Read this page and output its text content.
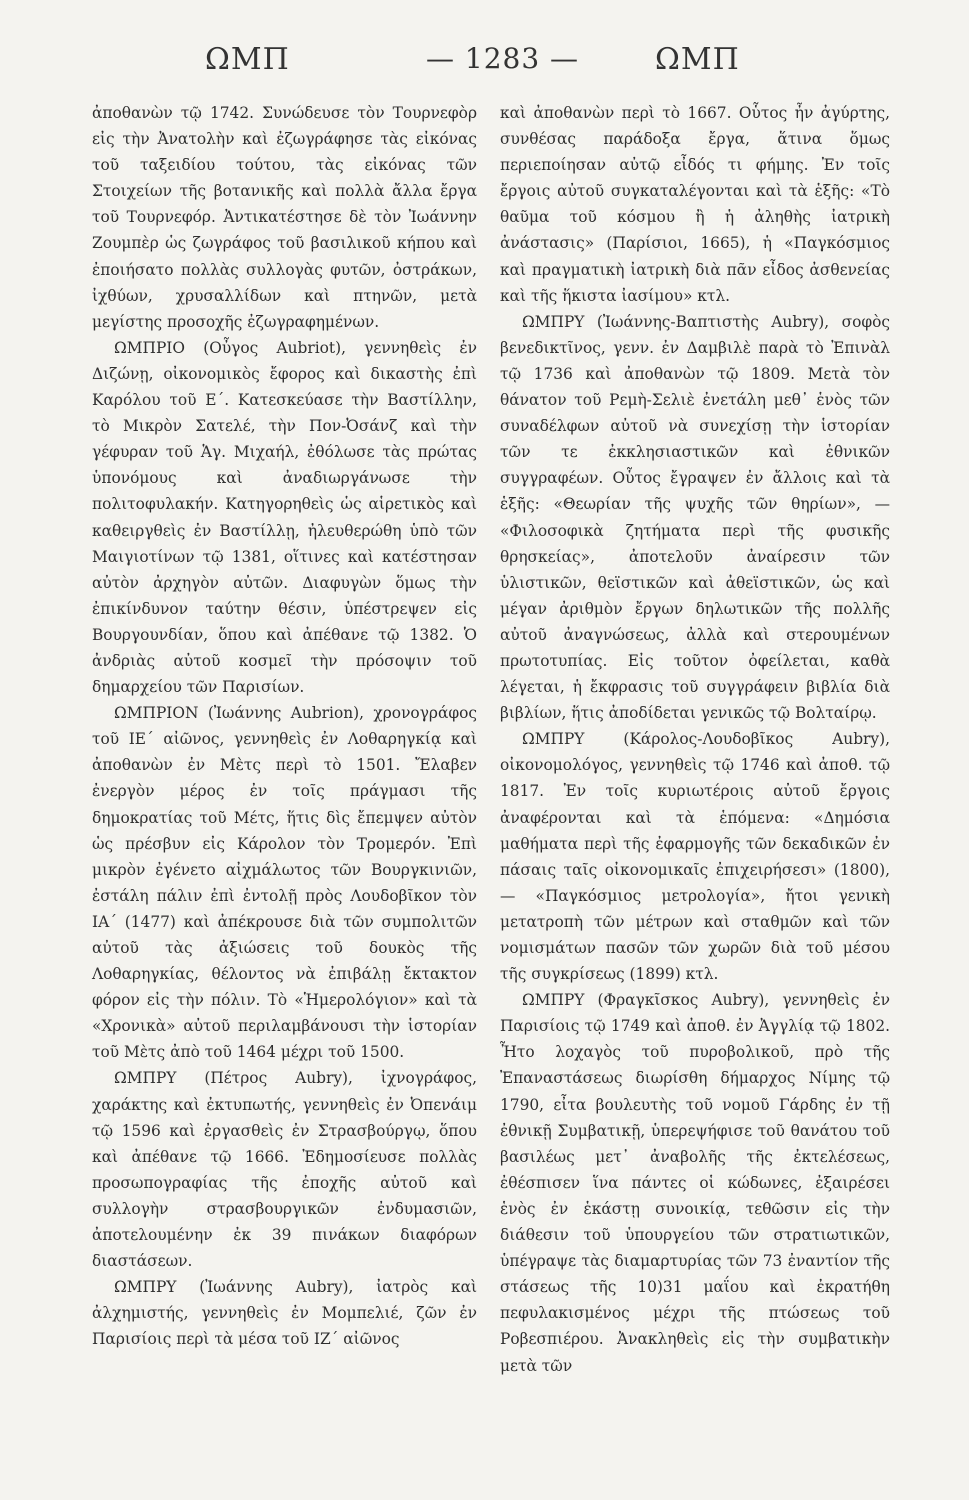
ΩΜΠ	— 1283 —	ΩΜΠ

ἀποθανὼν τῷ 1742. Συνώδευσε τὸν Τουρνεφὸρ εἰς τὴν Ἀνατολὴν καὶ ἐζωγράφησε τὰς εἰκόνας τοῦ ταξειδίου τούτου, τὰς εἰκόνας τῶν Στοιχείων τῆς βοτανικῆς καὶ πολλὰ ἄλλα ἔργα τοῦ Τουρνεφόρ. Ἀντικατέστησε δὲ τὸν Ἰωάννην Ζουμπὲρ ὡς ζωγράφος τοῦ βασιλικοῦ κήπου καὶ ἐποιήσατο πολλὰς συλλογὰς φυτῶν, ὀστράκων, ἰχθύων, χρυσαλλίδων καὶ πτηνῶν, μετὰ μεγίστης προσοχῆς ἐζωγραφημένων.

ΩΜΠΡΙΟ (Οὖγος Aubriot), γεννηθεὶς ἐν Διζώνῃ, οἰκονομικὸς ἔφορος καὶ δικαστὴς ἐπὶ Καρόλου τοῦ Ε΄. Κατεσκεύασε τὴν Βαστίλλην, τὸ Μικρὸν Σατελέ, τὴν Πον-Ὀσάνζ καὶ τὴν γέφυραν τοῦ Ἁγ. Μιχαήλ, ἐθόλωσε τὰς πρώτας ὑπονόμους καὶ ἀναδιωργάνωσε τὴν πολιτοφυλακήν. Κατηγορηθεὶς ὡς αἱρετικὸς καὶ καθειργθεὶς ἐν Βαστίλλῃ, ἠλευθερώθη ὑπὸ τῶν Μαιγιοτίνων τῷ 1381, οἵτινες καὶ κατέστησαν αὐτὸν ἀρχηγὸν αὐτῶν. Διαφυγὼν ὅμως τὴν ἐπικίνδυνον ταύτην θέσιν, ὑπέστρεψεν εἰς Βουργουνδίαν, ὅπου καὶ ἀπέθανε τῷ 1382. Ὁ ἀνδριὰς αὐτοῦ κοσμεῖ τὴν πρόσοψιν τοῦ δημαρχείου τῶν Παρισίων.

ΩΜΠΡΙΟΝ (Ἰωάννης Aubrion), χρονογράφος τοῦ ΙΕ΄ αἰῶνος, γεννηθεὶς ἐν Λοθαρηγκίᾳ καὶ ἀποθανὼν ἐν Μὲτς περὶ τὸ 1501. Ἔλαβεν ἐνεργὸν μέρος ἐν τοῖς πράγμασι τῆς δημοκρατίας τοῦ Μέτς, ἥτις δὶς ἔπεμψεν αὐτὸν ὡς πρέσβυν εἰς Κάρολον τὸν Τρομερόν. Ἐπὶ μικρὸν ἐγένετο αἰχμάλωτος τῶν Βουργκινιῶν, ἐστάλη πάλιν ἐπὶ ἐντολῇ πρὸς Λουδοβῖκον τὸν ΙΑ΄ (1477) καὶ ἀπέκρουσε διὰ τῶν συμπολιτῶν αὐτοῦ τὰς ἀξιώσεις τοῦ δουκὸς τῆς Λοθαρηγκίας, θέλοντος νὰ ἐπιβάλῃ ἔκτακτον φόρον εἰς τὴν πόλιν. Τὸ «Ἡμερολόγιον» καὶ τὰ «Χρονικὰ» αὐτοῦ περιλαμβάνουσι τὴν ἱστορίαν τοῦ Μὲτς ἀπὸ τοῦ 1464 μέχρι τοῦ 1500.

ΩΜΠΡΥ (Πέτρος Aubry), ἰχνογράφος, χαράκτης καὶ ἐκτυπωτής, γεννηθεὶς ἐν Ὀπενάιμ τῷ 1596 καὶ ἐργασθεὶς ἐν Στρασβούργῳ, ὅπου καὶ ἀπέθανε τῷ 1666. Ἐδημοσίευσε πολλὰς προσωπογραφίας τῆς ἐποχῆς αὐτοῦ καὶ συλλογὴν στρασβουργικῶν ἐνδυμασιῶν, ἀποτελουμένην ἐκ 39 πινάκων διαφόρων διαστάσεων.

ΩΜΠΡΥ (Ἰωάννης Aubry), ἰατρὸς καὶ ἀλχημιστής, γεννηθεὶς ἐν Μομπελιέ, ζῶν ἐν Παρισίοις περὶ τὰ μέσα τοῦ ΙΖ΄ αἰῶνος

καὶ ἀποθανὼν περὶ τὸ 1667. Οὗτος ἦν ἀγύρτης, συνθέσας παράδοξα ἔργα, ἅτινα ὅμως περιεποίησαν αὐτῷ εἶδός τι φήμης. Ἐν τοῖς ἔργοις αὐτοῦ συγκαταλέγονται καὶ τὰ ἑξῆς: «Τὸ θαῦμα τοῦ κόσμου ἢ ἡ ἀληθὴς ἰατρικὴ ἀνάστασις» (Παρίσιοι, 1665), ἡ «Παγκόσμιος καὶ πραγματικὴ ἰατρικὴ διὰ πᾶν εἶδος ἀσθενείας καὶ τῆς ἥκιστα ἰασίμου» κτλ.

ΩΜΠΡΥ (Ἰωάννης-Βαπτιστὴς Aubry), σοφὸς βενεδικτῖνος, γενν. ἐν Δαμβιλὲ παρὰ τὸ Ἐπινὰλ τῷ 1736 καὶ ἀποθανὼν τῷ 1809. Μετὰ τὸν θάνατον τοῦ Ρεμὴ-Σελιὲ ἐνετάλη μεθ᾽ ἑνὸς τῶν συναδέλφων αὐτοῦ νὰ συνεχίσῃ τὴν ἱστορίαν τῶν τε ἐκκλησιαστικῶν καὶ ἐθνικῶν συγγραφέων. Οὗτος ἔγραψεν ἐν ἄλλοις καὶ τὰ ἑξῆς: «Θεωρίαν τῆς ψυχῆς τῶν θηρίων», — «Φιλοσοφικὰ ζητήματα περὶ τῆς φυσικῆς θρησκείας», ἀποτελοῦν ἀναίρεσιν τῶν ὑλιστικῶν, θεϊστικῶν καὶ ἀθεϊστικῶν, ὡς καὶ μέγαν ἀριθμὸν ἔργων δηλωτικῶν τῆς πολλῆς αὐτοῦ ἀναγνώσεως, ἀλλὰ καὶ στερουμένων πρωτοτυπίας. Εἰς τοῦτον ὀφείλεται, καθὰ λέγεται, ἡ ἔκφρασις τοῦ συγγράφειν βιβλία διὰ βιβλίων, ἥτις ἀποδίδεται γενικῶς τῷ Βολταίρῳ.

ΩΜΠΡΥ (Κάρολος-Λουδοβῖκος Aubry), οἰκονομολόγος, γεννηθεὶς τῷ 1746 καὶ ἀποθ. τῷ 1817. Ἐν τοῖς κυριωτέροις αὐτοῦ ἔργοις ἀναφέρονται καὶ τὰ ἑπόμενα: «Δημόσια μαθήματα περὶ τῆς ἐφαρμογῆς τῶν δεκαδικῶν ἐν πάσαις ταῖς οἰκονομικαῖς ἐπιχειρήσεσι» (1800), — «Παγκόσμιος μετρολογία», ἤτοι γενικὴ μετατροπὴ τῶν μέτρων καὶ σταθμῶν καὶ τῶν νομισμάτων πασῶν τῶν χωρῶν διὰ τοῦ μέσου τῆς συγκρίσεως (1899) κτλ.

ΩΜΠΡΥ (Φραγκῖσκος Aubry), γεννηθεὶς ἐν Παρισίοις τῷ 1749 καὶ ἀποθ. ἐν Ἀγγλίᾳ τῷ 1802. Ἦτο λοχαγὸς τοῦ πυροβολικοῦ, πρὸ τῆς Ἐπαναστάσεως διωρίσθη δήμαρχος Νίμης τῷ 1790, εἶτα βουλευτὴς τοῦ νομοῦ Γάρδης ἐν τῇ ἐθνικῇ Συμβατικῇ, ὑπερεψήφισε τοῦ θανάτου τοῦ βασιλέως μετ᾽ ἀναβολῆς τῆς ἐκτελέσεως, ἐθέσπισεν ἵνα πάντες οἱ κώδωνες, ἐξαιρέσει ἑνὸς ἐν ἑκάστῃ συνοικίᾳ, τεθῶσιν εἰς τὴν διάθεσιν τοῦ ὑπουργείου τῶν στρατιωτικῶν, ὑπέγραψε τὰς διαμαρτυρίας τῶν 73 ἐναντίον τῆς στάσεως τῆς 10)31 μαΐου καὶ ἐκρατήθη πεφυλακισμένος μέχρι τῆς πτώσεως τοῦ Ροβεσπιέρου. Ἀνακληθεὶς εἰς τὴν συμβατικὴν μετὰ τῶν
